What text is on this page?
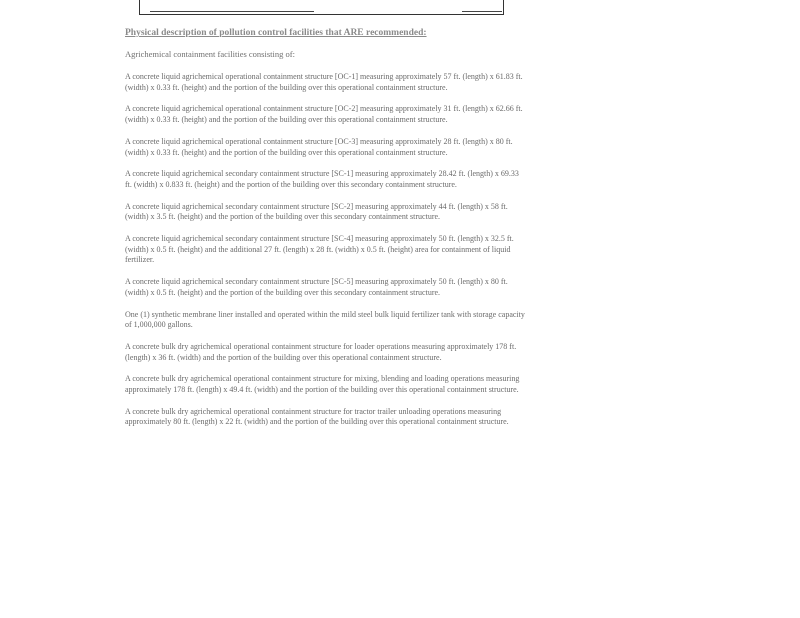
Physical description of pollution control facilities that ARE recommended:
Agrichemical containment facilities consisting of:
A concrete liquid agrichemical operational containment structure [OC-1] measuring approximately 57 ft. (length) x 61.83 ft. (width) x 0.33 ft. (height) and the portion of the building over this operational containment structure.
A concrete liquid agrichemical operational containment structure [OC-2] measuring approximately 31 ft. (length) x 62.66 ft. (width) x 0.33 ft. (height) and the portion of the building over this operational containment structure.
A concrete liquid agrichemical operational containment structure [OC-3] measuring approximately 28 ft. (length) x 80 ft. (width) x 0.33 ft. (height) and the portion of the building over this operational containment structure.
A concrete liquid agrichemical secondary containment structure [SC-1] measuring approximately 28.42 ft. (length) x 69.33 ft. (width) x 0.833 ft. (height) and the portion of the building over this secondary containment structure.
A concrete liquid agrichemical secondary containment structure [SC-2] measuring approximately 44 ft. (length) x 58 ft. (width) x 3.5 ft. (height) and the portion of the building over this secondary containment structure.
A concrete liquid agrichemical secondary containment structure [SC-4] measuring approximately 50 ft. (length) x 32.5 ft. (width) x 0.5 ft. (height) and the additional 27 ft. (length) x 28 ft. (width) x 0.5 ft. (height) area for containment of liquid fertilizer.
A concrete liquid agrichemical secondary containment structure [SC-5] measuring approximately 50 ft. (length) x 80 ft. (width) x 0.5 ft. (height) and the portion of the building over this secondary containment structure.
One (1) synthetic membrane liner installed and operated within the mild steel bulk liquid fertilizer tank with storage capacity of 1,000,000 gallons.
A concrete bulk dry agrichemical operational containment structure for loader operations measuring approximately 178 ft. (length) x 36 ft. (width) and the portion of the building over this operational containment structure.
A concrete bulk dry agrichemical operational containment structure for mixing, blending and loading operations measuring approximately 178 ft. (length) x 49.4 ft. (width) and the portion of the building over this operational containment structure.
A concrete bulk dry agrichemical operational containment structure for tractor trailer unloading operations measuring approximately 80 ft. (length) x 22 ft. (width) and the portion of the building over this operational containment structure.
